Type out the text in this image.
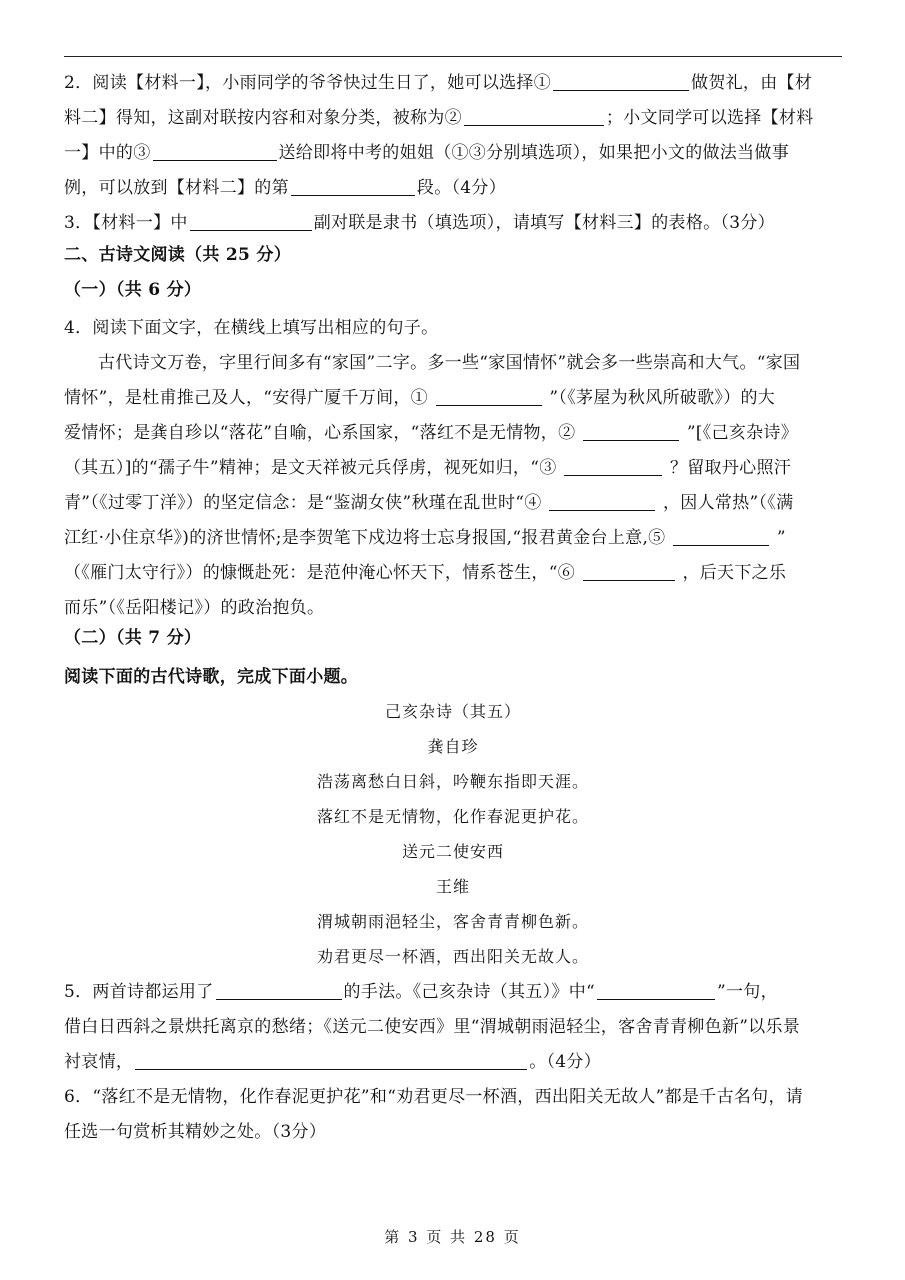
2．阅读【材料一】，小雨同学的爷爷快过生日了，她可以选择①	做贺礼，由【材

料二】得知，这副对联按内容和对象分类，被称为②	；小文同学可以选择【材料

一】中的③	送给即将中考的姐姐（①③分别填选项），如果把小文的做法当做事

例，可以放到【材料二】的第	段。（4分）

3．【材料一】中	副对联是隶书（填选项），请填写【材料三】的表格。（3分）

二、古诗文阅读（共 25 分）

（一）（共 6 分）

4．阅读下面文字，在横线上填写出相应的句子。

古代诗文万卷，字里行间多有“家国”二字。多一些“家国情怀”就会多一些崇高和大气。“家国

情怀”，是杜甫推己及人，“安得广厦千万间，①	”（《茅屋为秋风所破歌》）的大

爱情怀；是龚自珍以“落花”自喻，心系国家，“落红不是无情物，②	”[《己亥杂诗》

（其五）]的“孺子牛”精神；是文天祥被元兵俘虏，视死如归，“③	？留取丹心照汗

青”（《过零丁洋》）的坚定信念：是“鉴湖女侠”秋瑾在乱世时“④	，因人常热”（《满

江红·小住京华》)的济世情怀;是李贺笔下戍边将士忘身报国,“报君黄金台上意,⑤	”

（《雁门太守行》）的慷慨赴死：是范仲淹心怀天下，情系苍生，“⑥	，后天下之乐

而乐”（《岳阳楼记》）的政治抱负。

（二）（共 7 分）

阅读下面的古代诗歌，完成下面小题。

己亥杂诗（其五）

龚自珍

浩荡离愁白日斜，吟鞭东指即天涯。

落红不是无情物，化作春泥更护花。

送元二使安西

王维

渭城朝雨浥轻尘，客舍青青柳色新。

劝君更尽一杯酒，西出阳关无故人。

5．两首诗都运用了	的手法。《己亥杂诗（其五）》中“	”一句，

借白日西斜之景烘托离京的愁绪；《送元二使安西》里“渭城朝雨浥轻尘，客舍青青柳色新”以乐景

衬哀情，	。（4分）

6．“落红不是无情物，化作春泥更护花”和“劝君更尽一杯酒，西出阳关无故人”都是千古名句，请

任选一句赏析其精妙之处。（3分）

第 3 页 共 28 页
